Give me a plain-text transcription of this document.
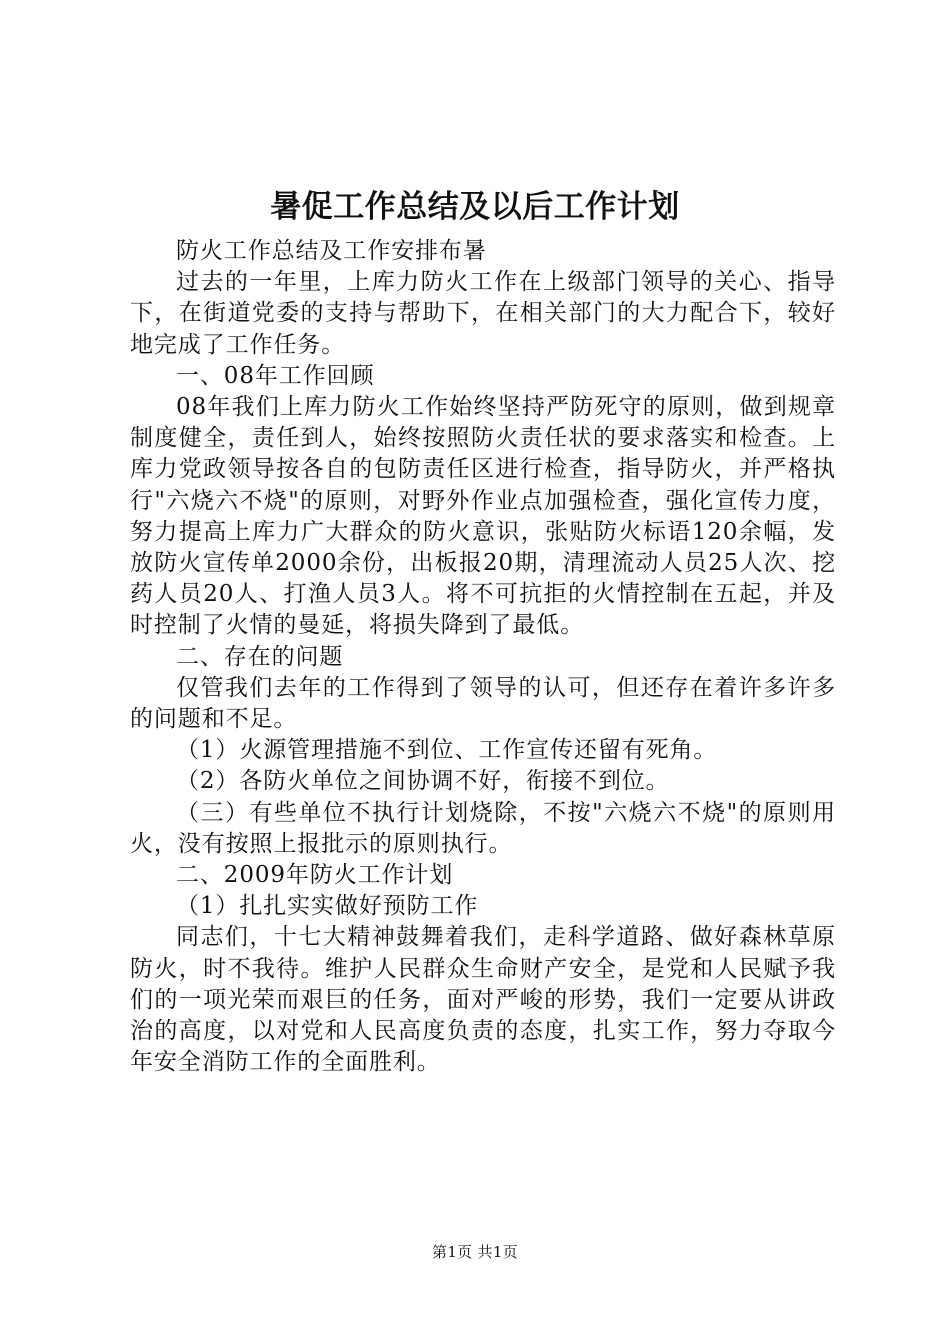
暑促工作总结及以后工作计划

防火工作总结及工作安排布暑

过去的一年里，上库力防火工作在上级部门领导的关心、指导下，在街道党委的支持与帮助下，在相关部门的大力配合下，较好地完成了工作任务。

一、08年工作回顾

08年我们上库力防火工作始终坚持严防死守的原则，做到规章制度健全，责任到人，始终按照防火责任状的要求落实和检查。上库力党政领导按各自的包防责任区进行检查，指导防火，并严格执行"六烧六不烧"的原则，对野外作业点加强检查，强化宣传力度，努力提高上库力广大群众的防火意识，张贴防火标语120余幅，发放防火宣传单2000余份，出板报20期，清理流动人员25人次、挖药人员20人、打渔人员3人。将不可抗拒的火情控制在五起，并及时控制了火情的曼延，将损失降到了最低。

二、存在的问题

仅管我们去年的工作得到了领导的认可，但还存在着许多许多的问题和不足。

（1）火源管理措施不到位、工作宣传还留有死角。

（2）各防火单位之间协调不好，衔接不到位。

（三）有些单位不执行计划烧除，不按"六烧六不烧"的原则用火，没有按照上报批示的原则执行。

二、2009年防火工作计划

（1）扎扎实实做好预防工作

同志们，十七大精神鼓舞着我们，走科学道路、做好森林草原防火，时不我待。维护人民群众生命财产安全，是党和人民赋予我们的一项光荣而艰巨的任务，面对严峻的形势，我们一定要从讲政治的高度，以对党和人民高度负责的态度，扎实工作，努力夺取今年安全消防工作的全面胜利。

第1页 共1页
